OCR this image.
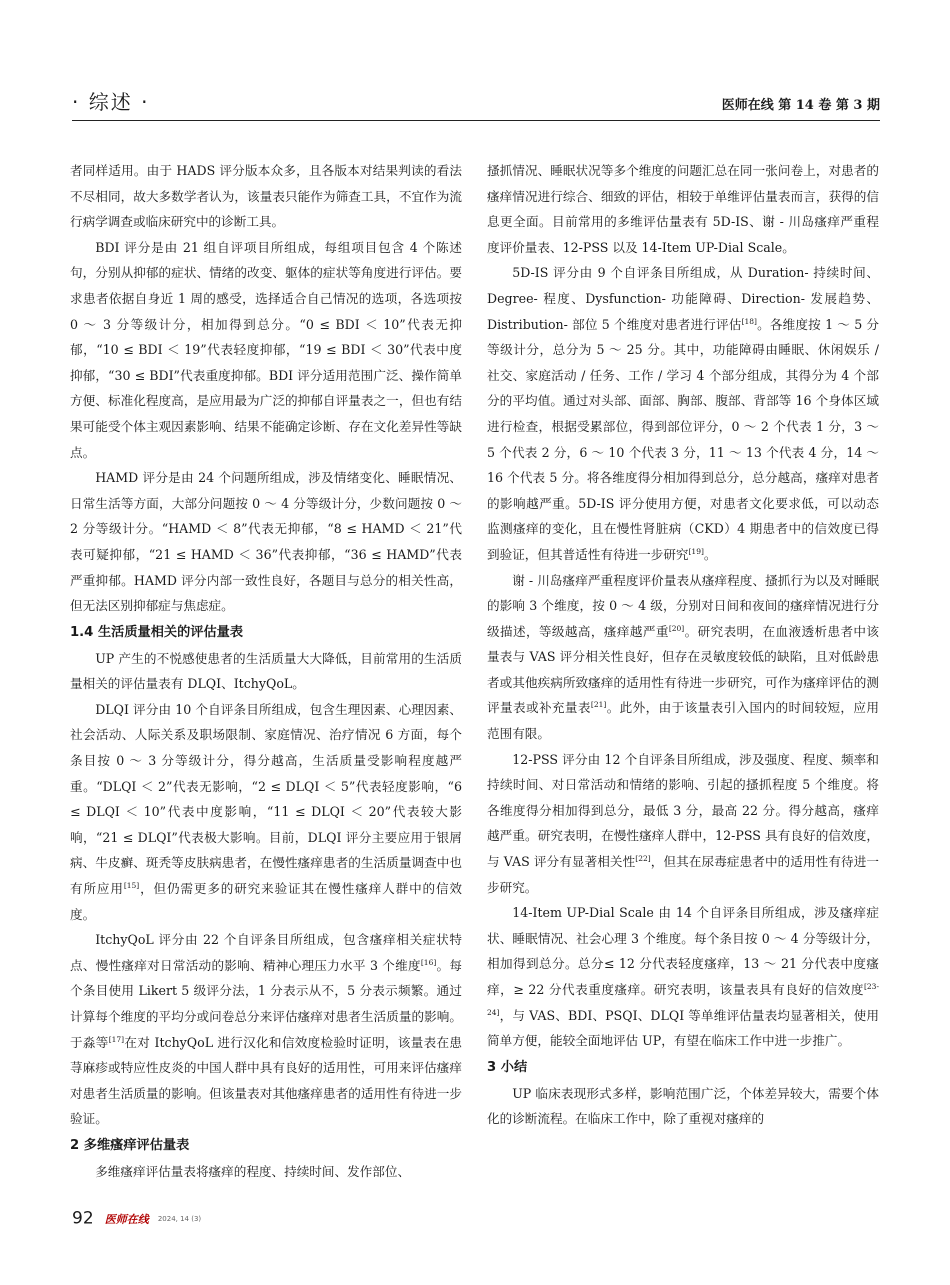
· 综述 ·	医师在线 第 14 卷 第 3 期

者同样适用。由于 HADS 评分版本众多，且各版本对结果判读的看法不尽相同，故大多数学者认为，该量表只能作为筛查工具，不宜作为流行病学调查或临床研究中的诊断工具。

BDI 评分是由 21 组自评项目所组成，每组项目包含 4 个陈述句，分别从抑郁的症状、情绪的改变、躯体的症状等角度进行评估。要求患者依据自身近 1 周的感受，选择适合自己情况的选项，各选项按 0 ～ 3 分等级计分，相加得到总分。“0 ≤ BDI ＜ 10”代表无抑郁，“10 ≤ BDI ＜ 19”代表轻度抑郁，“19 ≤ BDI ＜ 30”代表中度抑郁，“30 ≤ BDI”代表重度抑郁。BDI 评分适用范围广泛、操作简单方便、标准化程度高，是应用最为广泛的抑郁自评量表之一，但也有结果可能受个体主观因素影响、结果不能确定诊断、存在文化差异性等缺点。

HAMD 评分是由 24 个问题所组成，涉及情绪变化、睡眠情况、日常生活等方面，大部分问题按 0 ～ 4 分等级计分，少数问题按 0 ～ 2 分等级计分。“HAMD ＜ 8”代表无抑郁，“8 ≤ HAMD ＜ 21”代表可疑抑郁，“21 ≤ HAMD ＜ 36”代表抑郁，“36 ≤ HAMD”代表严重抑郁。HAMD 评分内部一致性良好，各题目与总分的相关性高，但无法区别抑郁症与焦虑症。

1.4 生活质量相关的评估量表

UP 产生的不悦感使患者的生活质量大大降低，目前常用的生活质量相关的评估量表有 DLQI、ItchyQoL。

DLQI 评分由 10 个自评条目所组成，包含生理因素、心理因素、社会活动、人际关系及职场限制、家庭情况、治疗情况 6 方面，每个条目按 0 ～ 3 分等级计分，得分越高，生活质量受影响程度越严重。“DLQI ＜ 2”代表无影响，“2 ≤ DLQI ＜ 5”代表轻度影响，“6 ≤ DLQI ＜ 10”代表中度影响，“11 ≤ DLQI ＜ 20”代表较大影响，“21 ≤ DLQI”代表极大影响。目前，DLQI 评分主要应用于银屑病、牛皮癣、斑秃等皮肤病患者，在慢性瘙痒患者的生活质量调查中也有所应用[15]，但仍需更多的研究来验证其在慢性瘙痒人群中的信效度。

ItchyQoL 评分由 22 个自评条目所组成，包含瘙痒相关症状特点、慢性瘙痒对日常活动的影响、精神心理压力水平 3 个维度[16]。每个条目使用 Likert 5 级评分法，1 分表示从不，5 分表示频繁。通过计算每个维度的平均分或问卷总分来评估瘙痒对患者生活质量的影响。于淼等[17]在对 ItchyQoL 进行汉化和信效度检验时证明，该量表在患荨麻疹或特应性皮炎的中国人群中具有良好的适用性，可用来评估瘙痒对患者生活质量的影响。但该量表对其他瘙痒患者的适用性有待进一步验证。

2 多维瘙痒评估量表

多维瘙痒评估量表将瘙痒的程度、持续时间、发作部位、

搔抓情况、睡眠状况等多个维度的问题汇总在同一张问卷上，对患者的瘙痒情况进行综合、细致的评估，相较于单维评估量表而言，获得的信息更全面。目前常用的多维评估量表有 5D-IS、谢 - 川岛瘙痒严重程度评价量表、12-PSS 以及 14-Item UP-Dial Scale。

5D-IS 评分由 9 个自评条目所组成，从 Duration- 持续时间、Degree- 程度、Dysfunction- 功能障碍、Direction- 发展趋势、Distribution- 部位 5 个维度对患者进行评估[18]。各维度按 1 ～ 5 分等级计分，总分为 5 ～ 25 分。其中，功能障碍由睡眠、休闲娱乐 / 社交、家庭活动 / 任务、工作 / 学习 4 个部分组成，其得分为 4 个部分的平均值。通过对头部、面部、胸部、腹部、背部等 16 个身体区域进行检查，根据受累部位，得到部位评分，0 ～ 2 个代表 1 分，3 ～ 5 个代表 2 分，6 ～ 10 个代表 3 分，11 ～ 13 个代表 4 分，14 ～ 16 个代表 5 分。将各维度得分相加得到总分，总分越高，瘙痒对患者的影响越严重。5D-IS 评分使用方便，对患者文化要求低，可以动态监测瘙痒的变化，且在慢性肾脏病（CKD）4 期患者中的信效度已得到验证，但其普适性有待进一步研究[19]。

谢 - 川岛瘙痒严重程度评价量表从瘙痒程度、搔抓行为以及对睡眠的影响 3 个维度，按 0 ～ 4 级，分别对日间和夜间的瘙痒情况进行分级描述，等级越高，瘙痒越严重[20]。研究表明，在血液透析患者中该量表与 VAS 评分相关性良好，但存在灵敏度较低的缺陷，且对低龄患者或其他疾病所致瘙痒的适用性有待进一步研究，可作为瘙痒评估的测评量表或补充量表[21]。此外，由于该量表引入国内的时间较短，应用范围有限。

12-PSS 评分由 12 个自评条目所组成，涉及强度、程度、频率和持续时间、对日常活动和情绪的影响、引起的搔抓程度 5 个维度。将各维度得分相加得到总分，最低 3 分，最高 22 分。得分越高，瘙痒越严重。研究表明，在慢性瘙痒人群中，12-PSS 具有良好的信效度，与 VAS 评分有显著相关性[22]，但其在尿毒症患者中的适用性有待进一步研究。

14-Item UP-Dial Scale 由 14 个自评条目所组成，涉及瘙痒症状、睡眠情况、社会心理 3 个维度。每个条目按 0 ～ 4 分等级计分，相加得到总分。总分≤ 12 分代表轻度瘙痒，13 ～ 21 分代表中度瘙痒，≥ 22 分代表重度瘙痒。研究表明，该量表具有良好的信效度[23-24]，与 VAS、BDI、PSQI、DLQI 等单维评估量表均显著相关，使用简单方便，能较全面地评估 UP，有望在临床工作中进一步推广。

3 小结

UP 临床表现形式多样，影响范围广泛，个体差异较大，需要个体化的诊断流程。在临床工作中，除了重视对瘙痒的

92 医师在线 2024, 14 (3)
